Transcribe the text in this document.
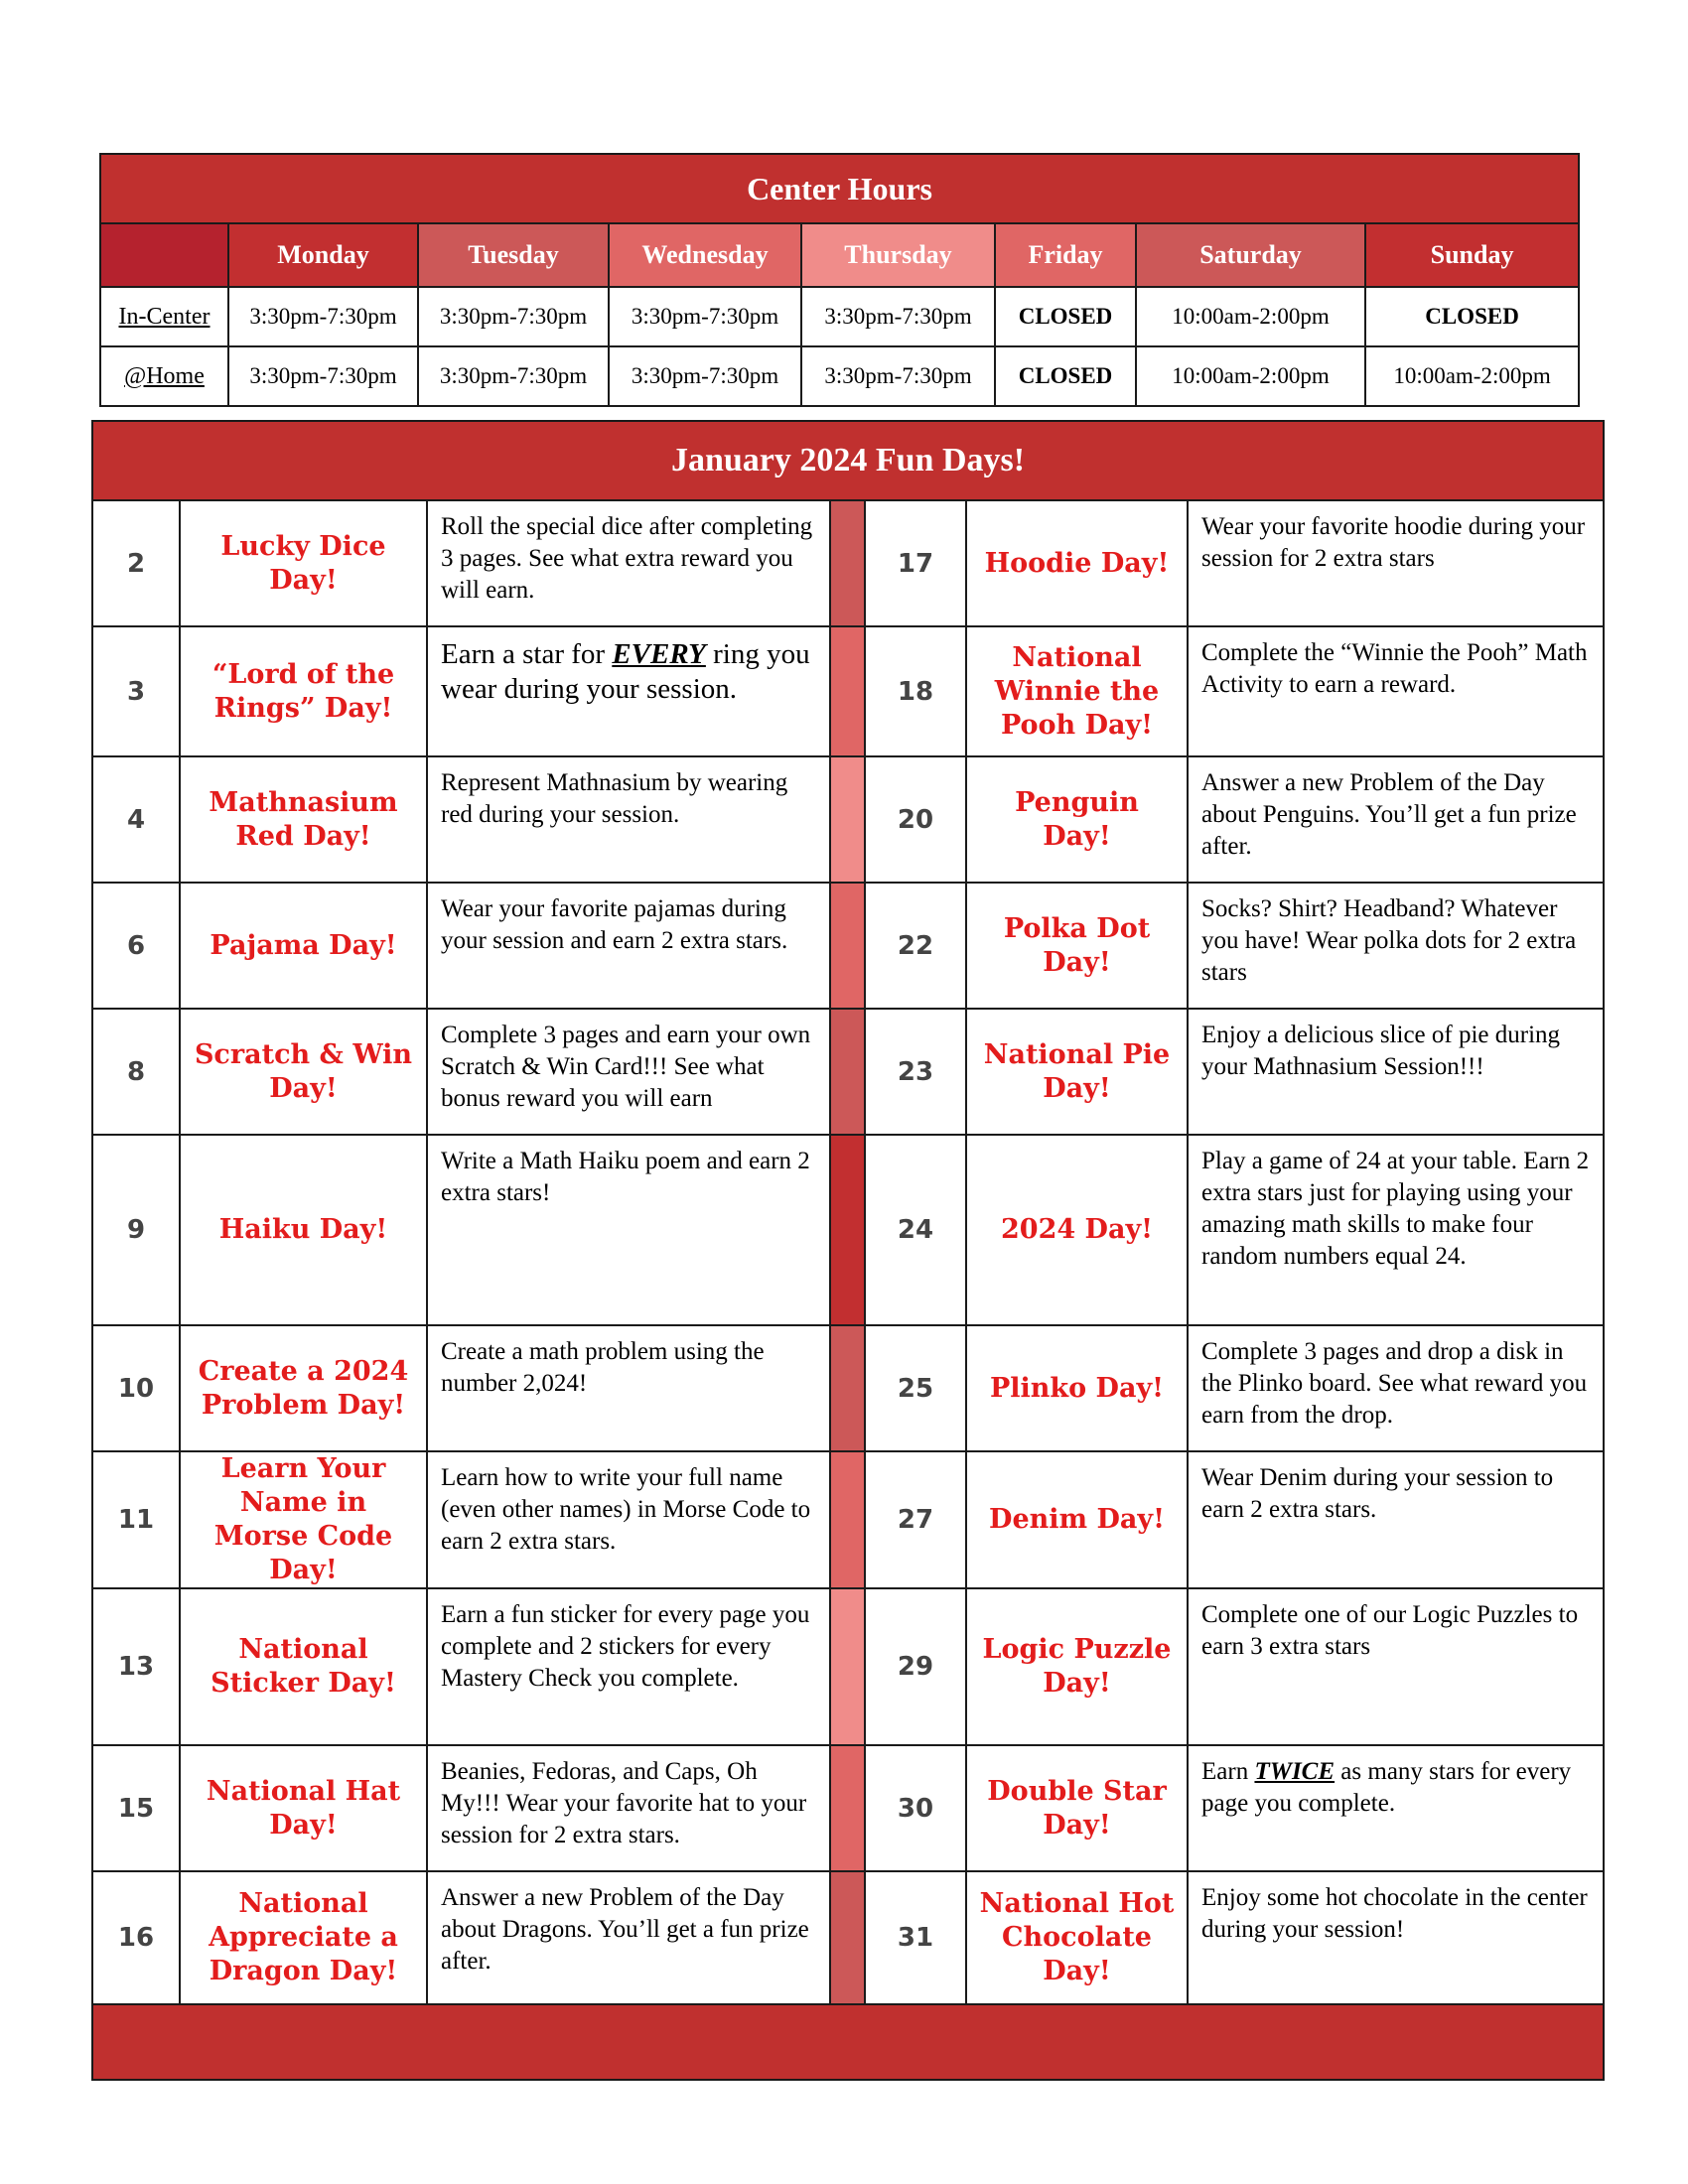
Center Hours							
	Monday	Tuesday	Wednesday	Thursday	Friday	Saturday	Sunday
In-Center	3:30pm-7:30pm	3:30pm-7:30pm	3:30pm-7:30pm	3:30pm-7:30pm	CLOSED	10:00am-2:00pm	CLOSED
@Home	3:30pm-7:30pm	3:30pm-7:30pm	3:30pm-7:30pm	3:30pm-7:30pm	CLOSED	10:00am-2:00pm	10:00am-2:00pm
January 2024 Fun Days!						
2	Lucky Dice Day!	Roll the special dice after completing 3 pages. See what extra reward you will earn.		17	Hoodie Day!	Wear your favorite hoodie during your session for 2 extra stars
3	“Lord of the Rings” Day!	Earn a star for EVERY ring you wear during your session.		18	National Winnie the Pooh Day!	Complete the “Winnie the Pooh” Math Activity to earn a reward.
4	Mathnasium Red Day!	Represent Mathnasium by wearing red during your session.		20	Penguin Day!	Answer a new Problem of the Day about Penguins. You’ll get a fun prize after.
6	Pajama Day!	Wear your favorite pajamas during your session and earn 2 extra stars.		22	Polka Dot Day!	Socks? Shirt? Headband? Whatever you have! Wear polka dots for 2 extra stars
8	Scratch & Win Day!	Complete 3 pages and earn your own Scratch & Win Card!!! See what bonus reward you will earn		23	National Pie Day!	Enjoy a delicious slice of pie during your Mathnasium Session!!!
9	Haiku Day!	Write a Math Haiku poem and earn 2 extra stars!		24	2024 Day!	Play a game of 24 at your table. Earn 2 extra stars just for playing using your amazing math skills to make four random numbers equal 24.
10	Create a 2024 Problem Day!	Create a math problem using the number 2,024!		25	Plinko Day!	Complete 3 pages and drop a disk in the Plinko board. See what reward you earn from the drop.
11	Learn Your Name in Morse Code Day!	Learn how to write your full name (even other names) in Morse Code to earn 2 extra stars.		27	Denim Day!	Wear Denim during your session to earn 2 extra stars.
13	National Sticker Day!	Earn a fun sticker for every page you complete and 2 stickers for every Mastery Check you complete.		29	Logic Puzzle Day!	Complete one of our Logic Puzzles to earn 3 extra stars
15	National Hat Day!	Beanies, Fedoras, and Caps, Oh My!!! Wear your favorite hat to your session for 2 extra stars.		30	Double Star Day!	Earn TWICE as many stars for every page you complete.
16	National Appreciate a Dragon Day!	Answer a new Problem of the Day about Dragons. You’ll get a fun prize after.		31	National Hot Chocolate Day!	Enjoy some hot chocolate in the center during your session!
